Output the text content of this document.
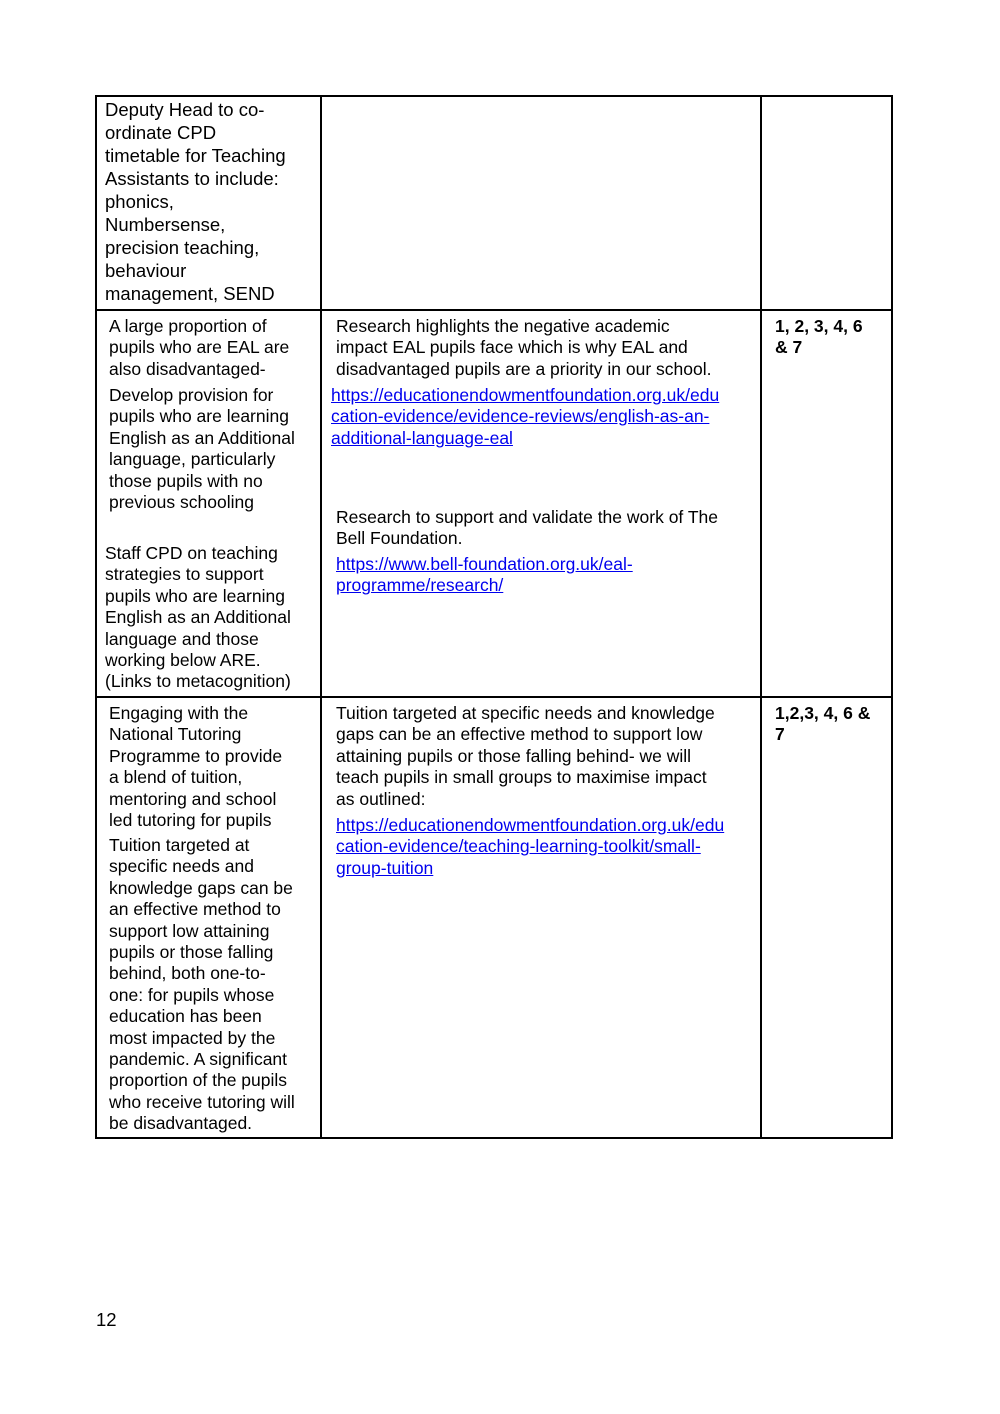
Deputy Head to co-
ordinate CPD
timetable for Teaching
Assistants to include:
phonics,
Numbersense,
precision teaching,
behaviour
management, SEND

A large proportion of
pupils who are EAL are
also disadvantaged-

Develop provision for
pupils who are learning
English as an Additional
language, particularly
those pupils with no
previous schooling

Staff CPD on teaching
strategies to support
pupils who are learning
English as an Additional
language and those
working below ARE.
(Links to metacognition)

Research highlights the negative academic
impact EAL pupils face which is why EAL and
disadvantaged pupils are a priority in our school.

https://educationendowmentfoundation.org.uk/edu
cation-evidence/evidence-reviews/english-as-an-
additional-language-eal

Research to support and validate the work of The
Bell Foundation.

https://www.bell-foundation.org.uk/eal-
programme/research/

1, 2, 3, 4, 6
& 7

Engaging with the
National Tutoring
Programme to provide
a blend of tuition,
mentoring and school
led tutoring for pupils

Tuition targeted at
specific needs and
knowledge gaps can be
an effective method to
support low attaining
pupils or those falling
behind, both one-to-
one: for pupils whose
education has been
most impacted by the
pandemic. A significant
proportion of the pupils
who receive tutoring will
be disadvantaged.

Tuition targeted at specific needs and knowledge
gaps can be an effective method to support low
attaining pupils or those falling behind- we will
teach pupils in small groups to maximise impact
as outlined:

https://educationendowmentfoundation.org.uk/edu
cation-evidence/teaching-learning-toolkit/small-
group-tuition

1,2,3, 4, 6 &
7

12
